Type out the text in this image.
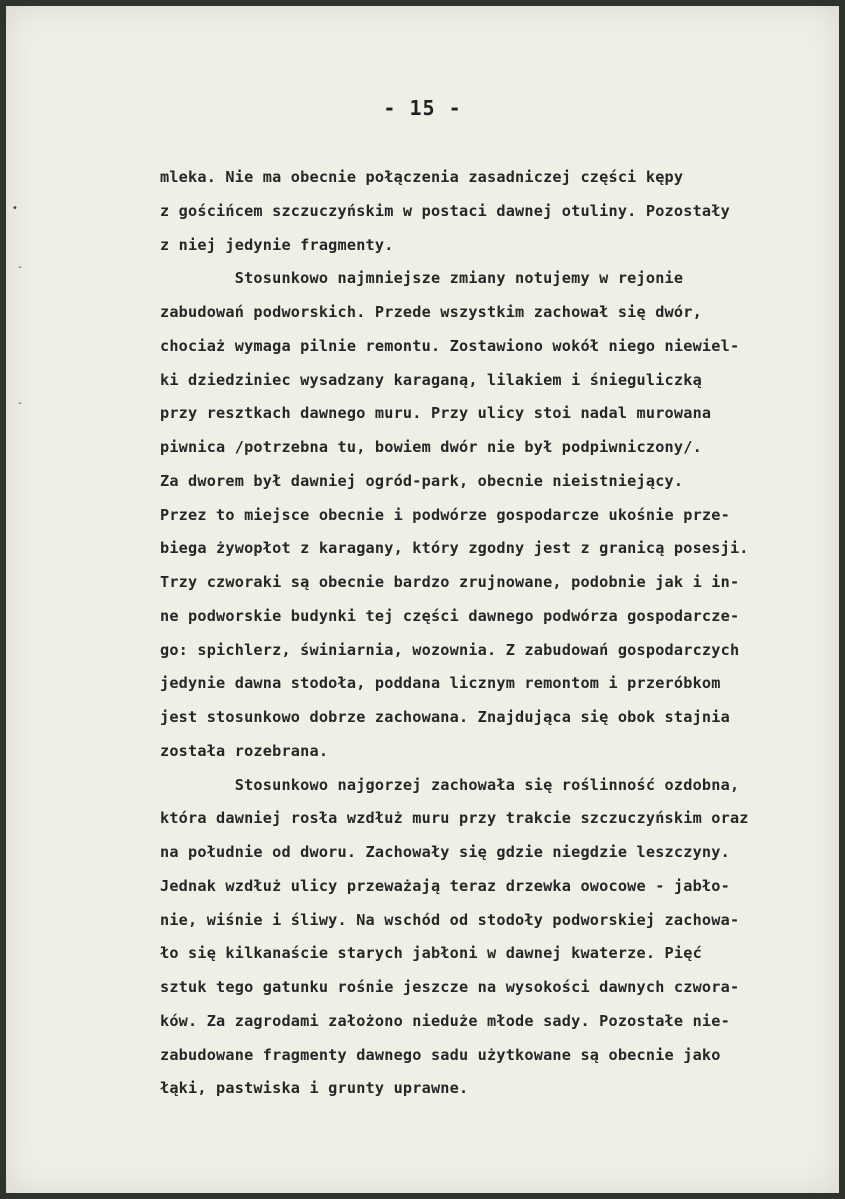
- 15 -
•
-
-
mleka. Nie ma obecnie połączenia zasadniczej części kępy
z gościńcem szczuczyńskim w postaci dawnej otuliny. Pozostały
z niej jedynie fragmenty.
Stosunkowo najmniejsze zmiany notujemy w rejonie
zabudowań podworskich. Przede wszystkim zachował się dwór,
chociaż wymaga pilnie remontu. Zostawiono wokół niego niewiel-
ki dziedziniec wysadzany karaganą, lilakiem i śnieguliczką
przy resztkach dawnego muru. Przy ulicy stoi nadal murowana
piwnica /potrzebna tu, bowiem dwór nie był podpiwniczony/.
Za dworem był dawniej ogród-park, obecnie nieistniejący.
Przez to miejsce obecnie i podwórze gospodarcze ukośnie prze-
biega żywopłot z karagany, który zgodny jest z granicą posesji.
Trzy czworaki są obecnie bardzo zrujnowane, podobnie jak i in-
ne podworskie budynki tej części dawnego podwórza gospodarcze-
go: spichlerz, świniarnia, wozownia. Z zabudowań gospodarczych
jedynie dawna stodoła, poddana licznym remontom i przeróbkom
jest stosunkowo dobrze zachowana. Znajdująca się obok stajnia
została rozebrana.
Stosunkowo najgorzej zachowała się roślinność ozdobna,
która dawniej rosła wzdłuż muru przy trakcie szczuczyńskim oraz
na południe od dworu. Zachowały się gdzie niegdzie leszczyny.
Jednak wzdłuż ulicy przeważają teraz drzewka owocowe - jabło-
nie, wiśnie i śliwy. Na wschód od stodoły podworskiej zachowa-
ło się kilkanaście starych jabłoni w dawnej kwaterze. Pięć
sztuk tego gatunku rośnie jeszcze na wysokości dawnych czwora-
ków. Za zagrodami założono nieduże młode sady. Pozostałe nie-
zabudowane fragmenty dawnego sadu użytkowane są obecnie jako
łąki, pastwiska i grunty uprawne.
